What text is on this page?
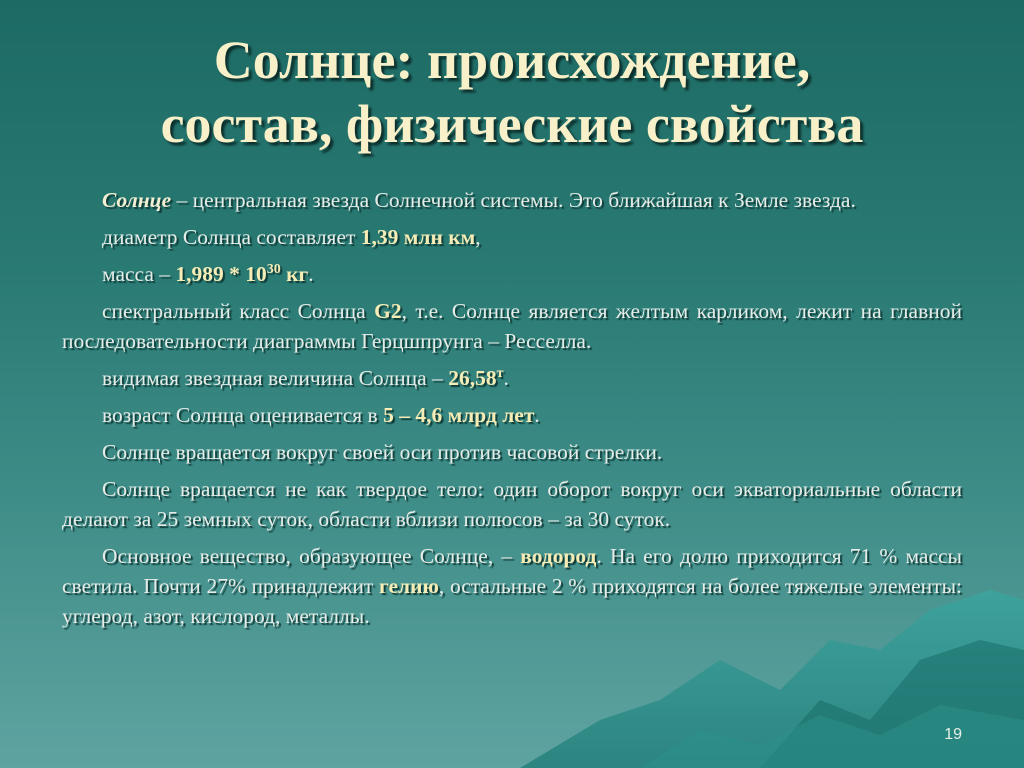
Солнце: происхождение,
состав, физические свойства

Солнце – центральная звезда Солнечной системы. Это ближайшая к Земле звезда.

диаметр Солнца составляет 1,39 млн км,

масса – $1,989 * 10^{30}$ кг.

спектральный класс Солнца G2, т.е. Солнце является желтым карликом, лежит на главной последовательности диаграммы Герцшпрунга – Ресселла.

видимая звездная величина Солнца – $26,58^т$.

возраст Солнца оценивается в 5 – 4,6 млрд лет.

Солнце вращается вокруг своей оси против часовой стрелки.

Солнце вращается не как твердое тело: один оборот вокруг оси экваториальные области делают за 25 земных суток, области вблизи полюсов – за 30 суток.

Основное вещество, образующее Солнце, – водород. На его долю приходится 71 % массы светила. Почти 27% принадлежит гелию, остальные 2 % приходятся на более тяжелые элементы: углерод, азот, кислород, металлы.

19
